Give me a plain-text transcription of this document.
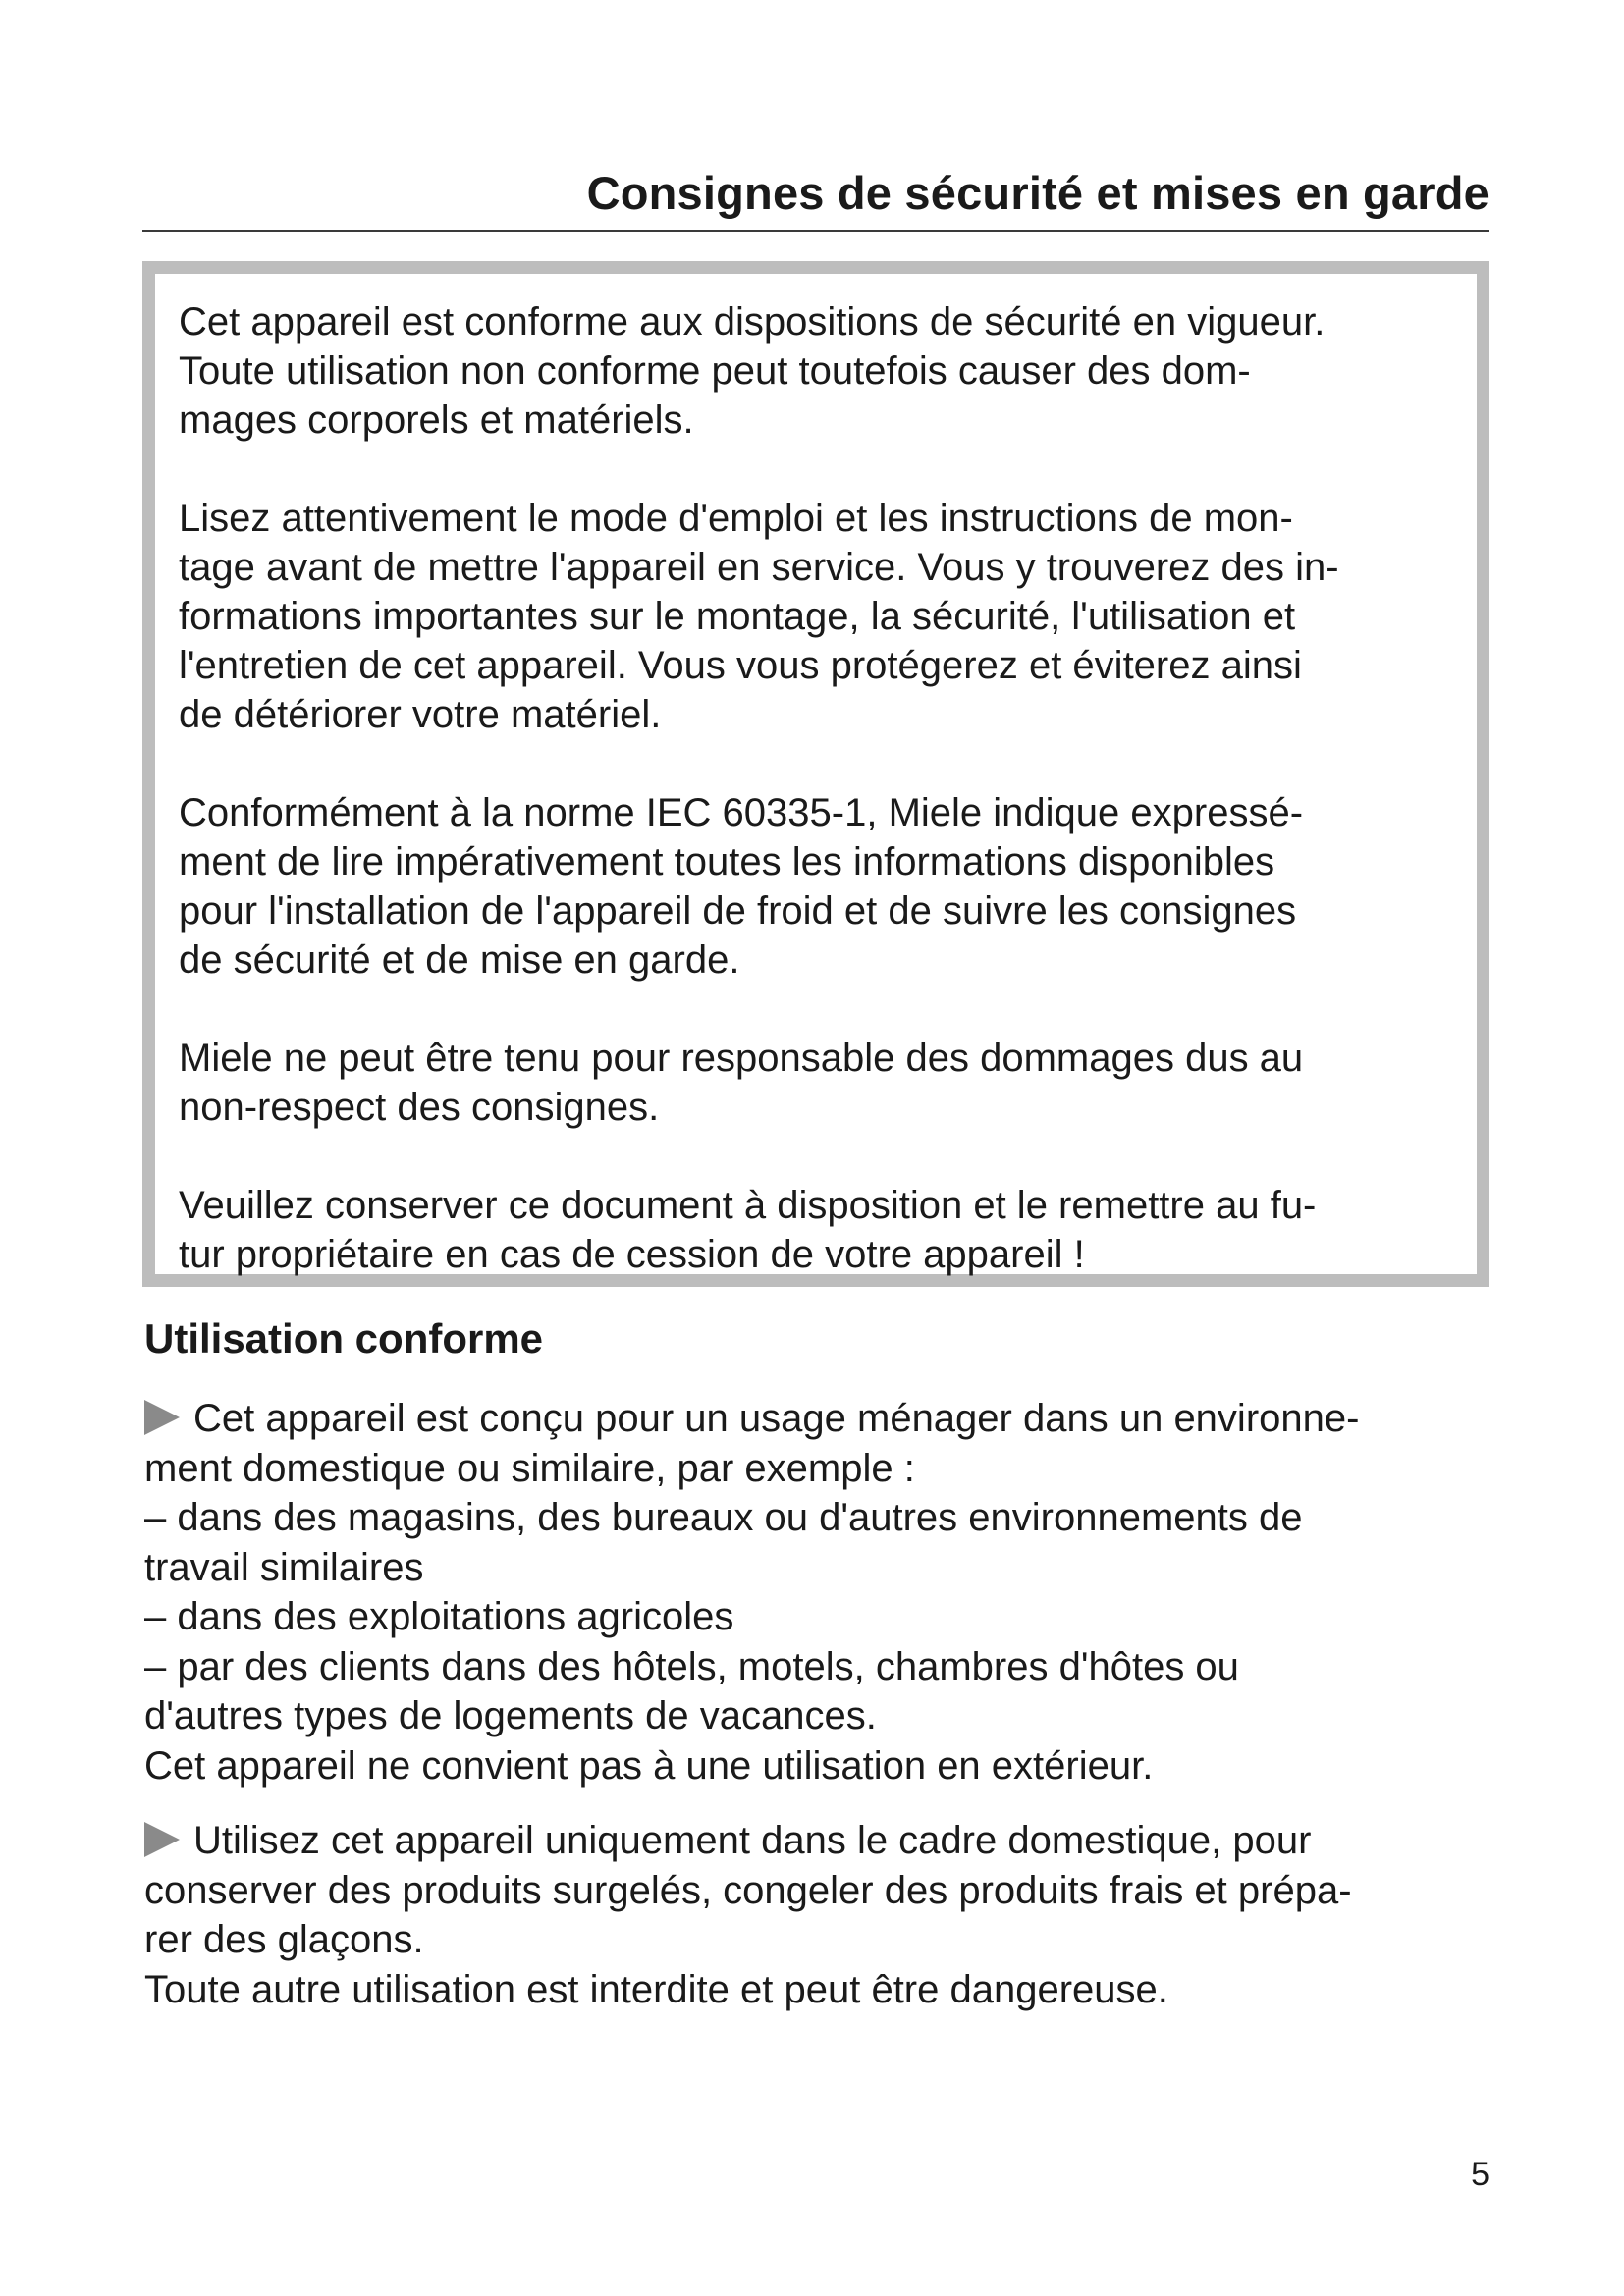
Consignes de sécurité et mises en garde

Cet appareil est conforme aux dispositions de sécurité en vigueur.
Toute utilisation non conforme peut toutefois causer des dom-
mages corporels et matériels.

Lisez attentivement le mode d'emploi et les instructions de mon-
tage avant de mettre l'appareil en service. Vous y trouverez des in-
formations importantes sur le montage, la sécurité, l'utilisation et
l'entretien de cet appareil. Vous vous protégerez et éviterez ainsi
de détériorer votre matériel.

Conformément à la norme IEC 60335-1, Miele indique expressé-
ment de lire impérativement toutes les informations disponibles
pour l'installation de l'appareil de froid et de suivre les consignes
de sécurité et de mise en garde.

Miele ne peut être tenu pour responsable des dommages dus au
non-respect des consignes.

Veuillez conserver ce document à disposition et le remettre au fu-
tur propriétaire en cas de cession de votre appareil !

Utilisation conforme

Cet appareil est conçu pour un usage ménager dans un environne-
ment domestique ou similaire, par exemple :
– dans des magasins, des bureaux ou d'autres environnements de
travail similaires
– dans des exploitations agricoles
– par des clients dans des hôtels, motels, chambres d'hôtes ou
d'autres types de logements de vacances.
Cet appareil ne convient pas à une utilisation en extérieur.

Utilisez cet appareil uniquement dans le cadre domestique, pour
conserver des produits surgelés, congeler des produits frais et prépa-
rer des glaçons.
Toute autre utilisation est interdite et peut être dangereuse.

5
